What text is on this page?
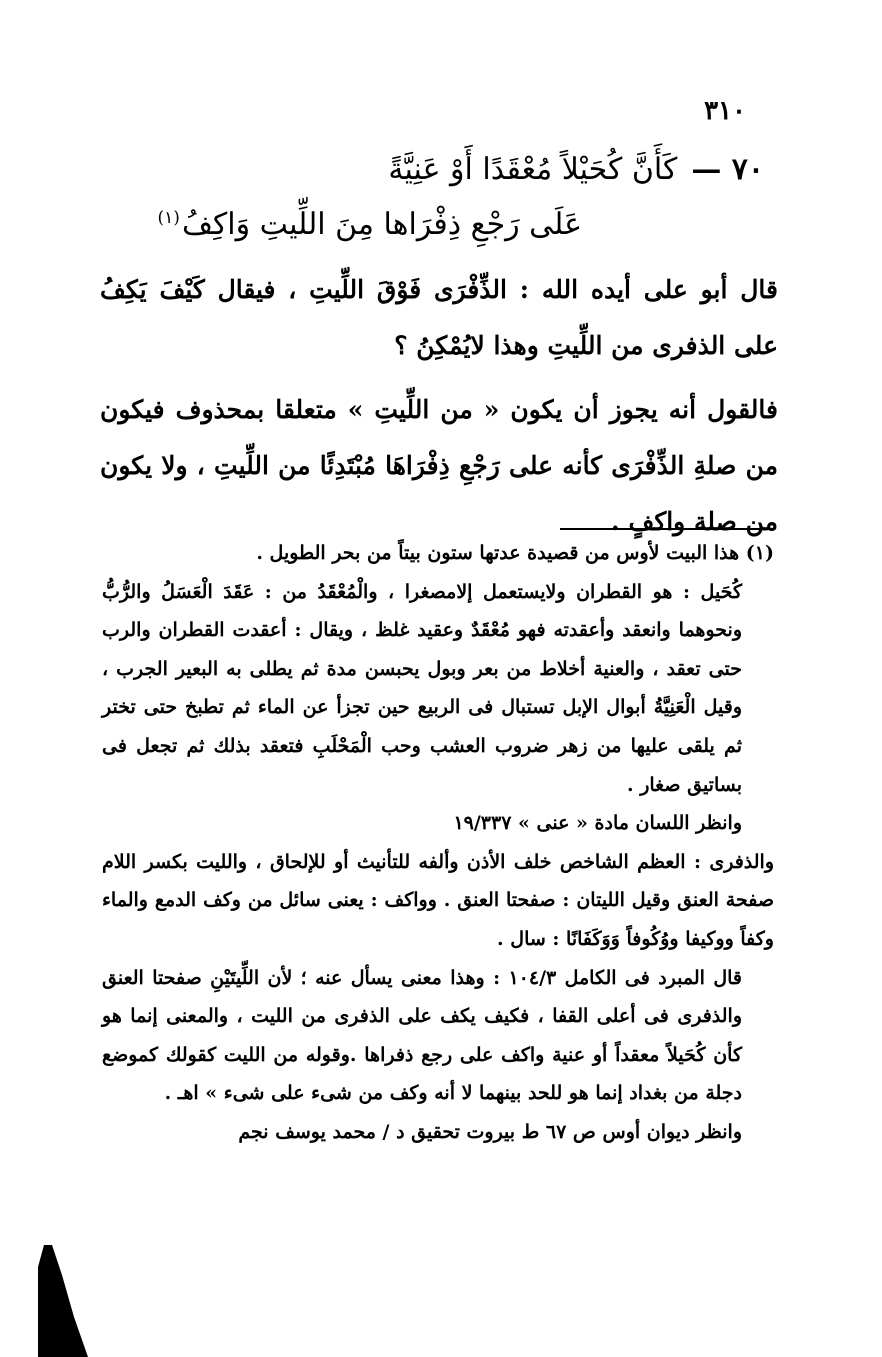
٣١٠
٧٠ —كَأَنَّ كُحَيْلاً مُعْقَدًا أَوْ عَنِيَّةً
عَلَى رَجْعِ ذِفْرَاها مِنَ اللِّيتِ وَاكِفُ$^{(١)}$

قال أبو على أيده الله : الذِّفْرَى فَوْقَ اللِّيتِ ، فيقال كَيْفَ يَكِفُ على الذفرى من اللِّيتِ وهذا لايُمْكِنُ ؟

فالقول أنه يجوز أن يكون « من اللِّيتِ » متعلقا بمحذوف فيكون من صلةِ الذِّفْرَى كأنه على رَجْعِ ذِفْرَاهَا مُبْتَدِئًا من اللِّيتِ ، ولا يكون من صلة واكفٍ .

(١) هذا البيت لأوس من قصيدة عدتها ستون بيتاً من بحر الطويل .

كُحَيل : هو القطران ولايستعمل إلامصغرا ، والْمُعْقَدُ من : عَقَدَ الْعَسَلُ والرُّبُّ ونحوهما وانعقد وأعقدته فهو مُعْقَدٌ وعقيد غلظ ، ويقال : أعقدت القطران والرب حتى تعقد ، والعنية أخلاط من بعر وبول يحبسن مدة ثم يطلى به البعير الجرب ، وقيل الْعَنِيَّةُ أبوال الإبل تستبال فى الربيع حين تجزأ عن الماء ثم تطبخ حتى تختر ثم يلقى عليها من زهر ضروب العشب وحب الْمَحْلَبِ فتعقد بذلك ثم تجعل فى بساتيق صغار .

وانظر اللسان مادة « عنى » ١٩/٣٣٧

والذفرى : العظم الشاخص خلف الأذن وألفه للتأنيث أو للإلحاق ، والليت بكسر اللام صفحة العنق وقيل الليتان : صفحتا العنق . وواكف : يعنى سائل من وكف الدمع والماء وكفاً ووكيفا ووُكُوفاً وَوَكَفَانًا : سال .

قال المبرد فى الكامل ١٠٤/٣ : وهذا معنى يسأل عنه ؛ لأن اللِّيتَيْنِ صفحتا العنق والذفرى فى أعلى القفا ، فكيف يكف على الذفرى من الليت ، والمعنى إنما هو كأن كُحَيلاً معقداً أو عنية واكف على رجع ذفراها .وقوله من الليت كقولك كموضع دجلة من بغداد إنما هو للحد بينهما لا أنه وكف من شىء على شىء » اهـ .

وانظر ديوان أوس ص ٦٧ ط بيروت تحقيق د / محمد يوسف نجم
